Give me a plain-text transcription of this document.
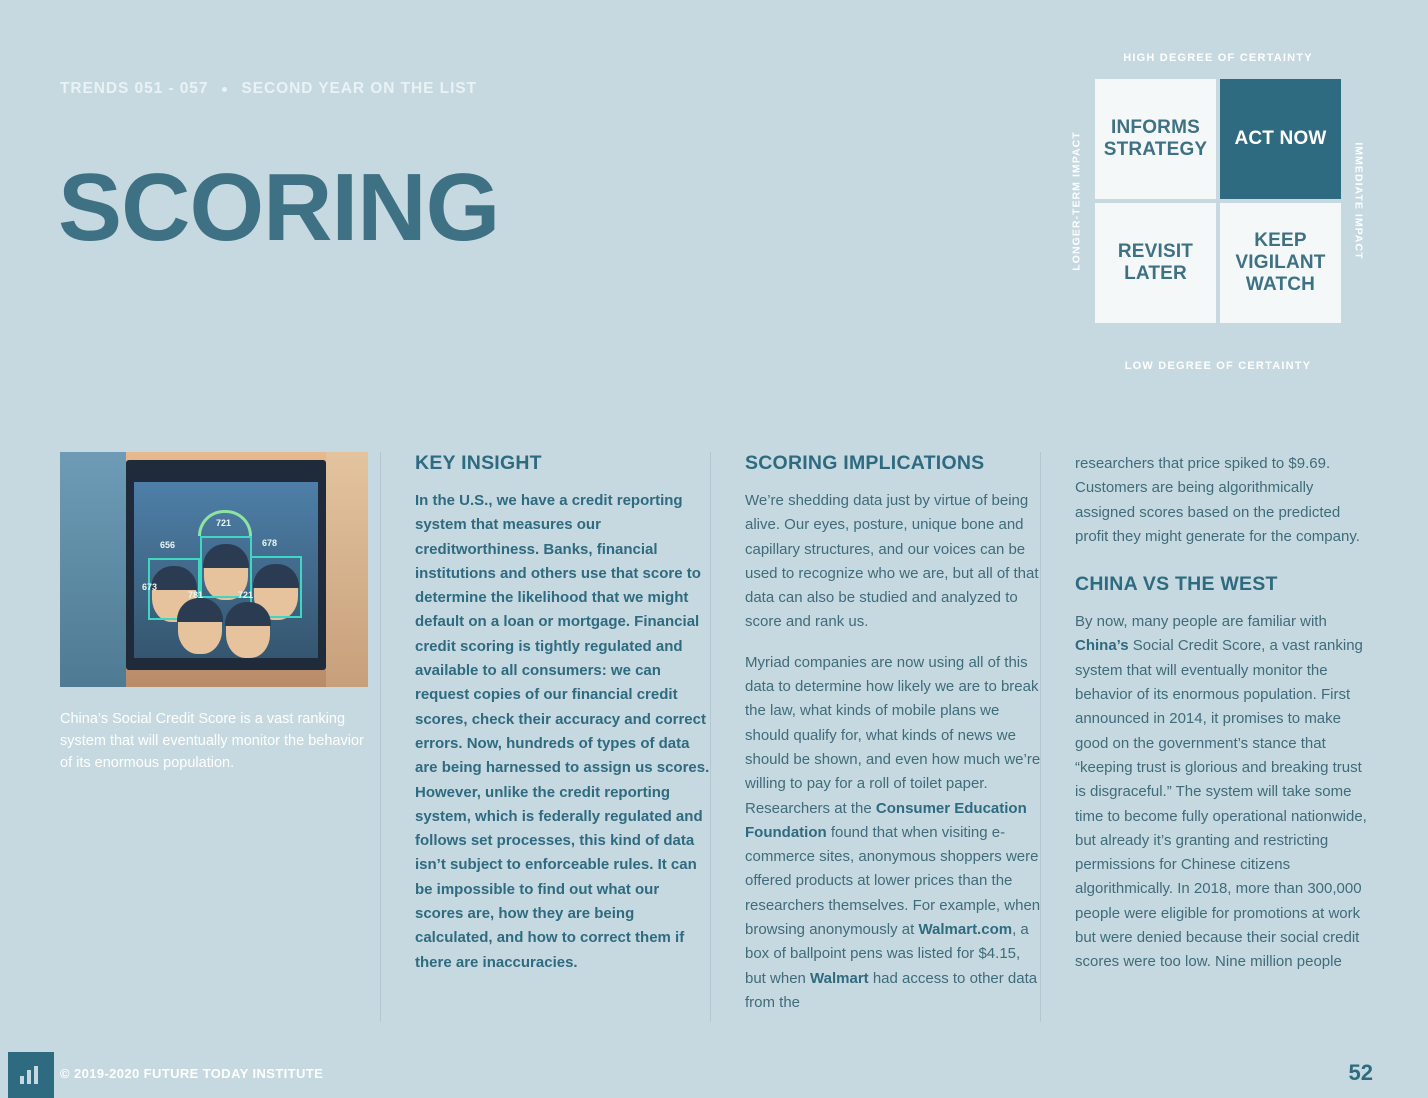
TRENDS 051 - 057 SECOND YEAR ON THE LIST
SCORING
HIGH DEGREE OF CERTAINTY
LONGER-TERM IMPACT	IMMEDIATE IMPACT
INFORMS STRATEGY
ACT NOW
REVISIT LATER
KEEP VIGILANT WATCH
LOW DEGREE OF CERTAINTY
721
656	678
673
781	721
China’s Social Credit Score is a vast ranking system that will eventually monitor the behavior of its enormous population.
KEY INSIGHT

In the U.S., we have a credit reporting system that measures our creditworthiness. Banks, financial institutions and others use that score to determine the likelihood that we might default on a loan or mortgage. Financial credit scoring is tightly regulated and available to all consumers: we can request copies of our financial credit scores, check their accuracy and correct errors. Now, hundreds of types of data are being harnessed to assign us scores. However, unlike the credit reporting system, which is federally regulated and follows set processes, this kind of data isn’t subject to enforceable rules. It can be impossible to find out what our scores are, how they are being calculated, and how to correct them if there are inaccuracies.

SCORING IMPLICATIONS

We’re shedding data just by virtue of being alive. Our eyes, posture, unique bone and capillary structures, and our voices can be used to recognize who we are, but all of that data can also be studied and analyzed to score and rank us.

Myriad companies are now using all of this data to determine how likely we are to break the law, what kinds of mobile plans we should qualify for, what kinds of news we should be shown, and even how much we’re willing to pay for a roll of toilet paper. Researchers at the Consumer Education Foundation found that when visiting e-commerce sites, anonymous shoppers were offered products at lower prices than the researchers themselves. For example, when browsing anonymously at Walmart.com, a box of ballpoint pens was listed for $4.15, but when Walmart had access to other data from the

researchers that price spiked to $9.69. Customers are being algorithmically assigned scores based on the predicted profit they might generate for the company.

CHINA VS THE WEST

By now, many people are familiar with China’s Social Credit Score, a vast ranking system that will eventually monitor the behavior of its enormous population. First announced in 2014, it promises to make good on the government’s stance that “keeping trust is glorious and breaking trust is disgraceful.” The system will take some time to become fully operational nationwide, but already it’s granting and restricting permissions for Chinese citizens algorithmically. In 2018, more than 300,000 people were eligible for promotions at work but were denied because their social credit scores were too low. Nine million people

© 2019-2020 FUTURE TODAY INSTITUTE	52
